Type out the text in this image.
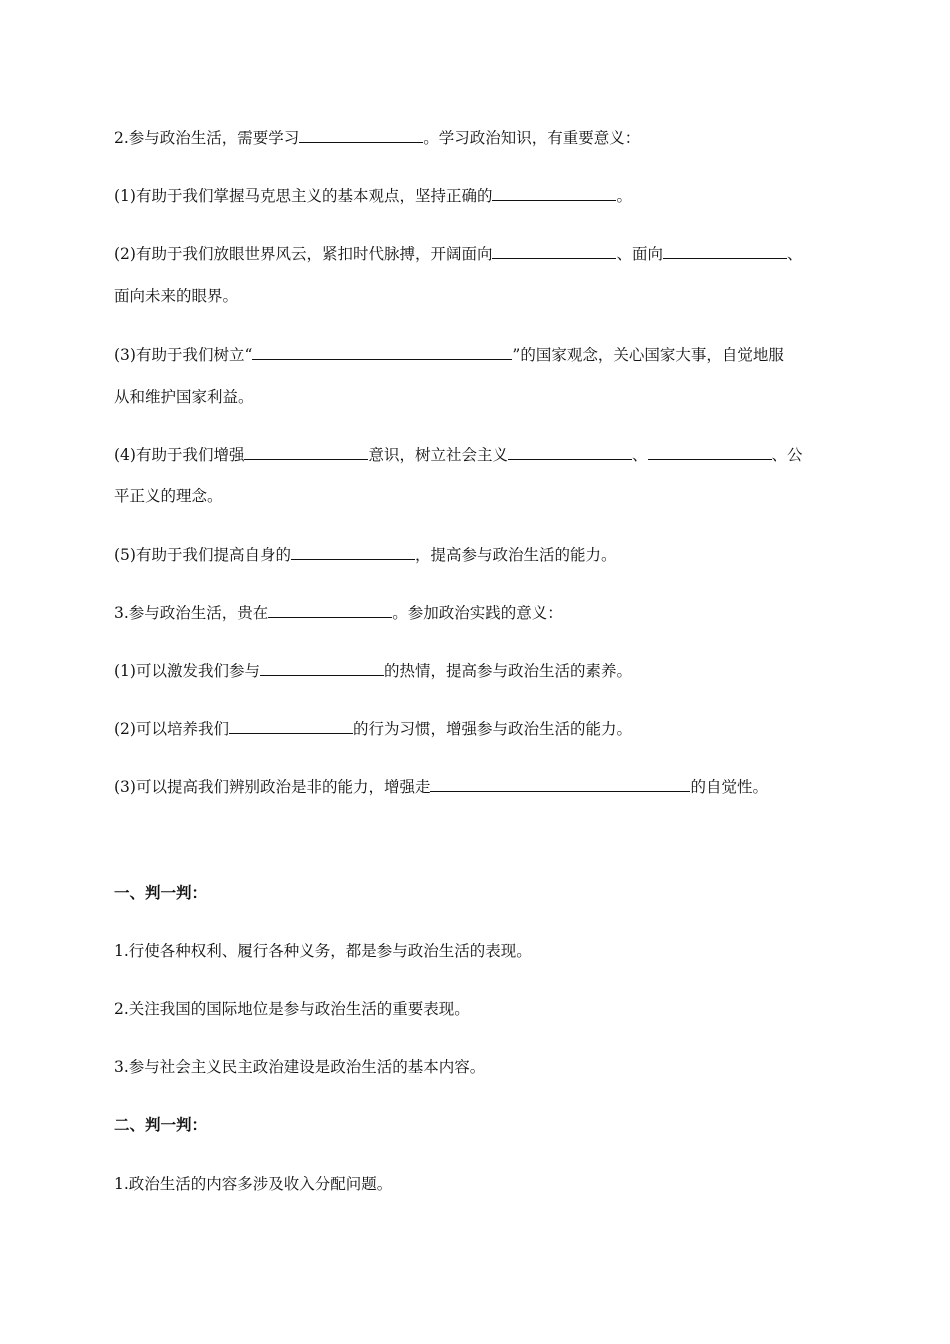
2.参与政治生活，需要学习	。学习政治知识，有重要意义：
(1)有助于我们掌握马克思主义的基本观点，坚持正确的	。
(2)有助于我们放眼世界风云，紧扣时代脉搏，开阔面向	、面向	、
面向未来的眼界。
(3)有助于我们树立“	”的国家观念，关心国家大事，自觉地服
从和维护国家利益。
(4)有助于我们增强	意识，树立社会主义	、	、公
平正义的理念。
(5)有助于我们提高自身的	，提高参与政治生活的能力。
3.参与政治生活，贵在	。参加政治实践的意义：
(1)可以激发我们参与	的热情，提高参与政治生活的素养。
(2)可以培养我们	的行为习惯，增强参与政治生活的能力。
(3)可以提高我们辨别政治是非的能力，增强走	的自觉性。
一、判一判：
1.行使各种权利、履行各种义务，都是参与政治生活的表现。
2.关注我国的国际地位是参与政治生活的重要表现。
3.参与社会主义民主政治建设是政治生活的基本内容。
二、判一判：
1.政治生活的内容多涉及收入分配问题。
